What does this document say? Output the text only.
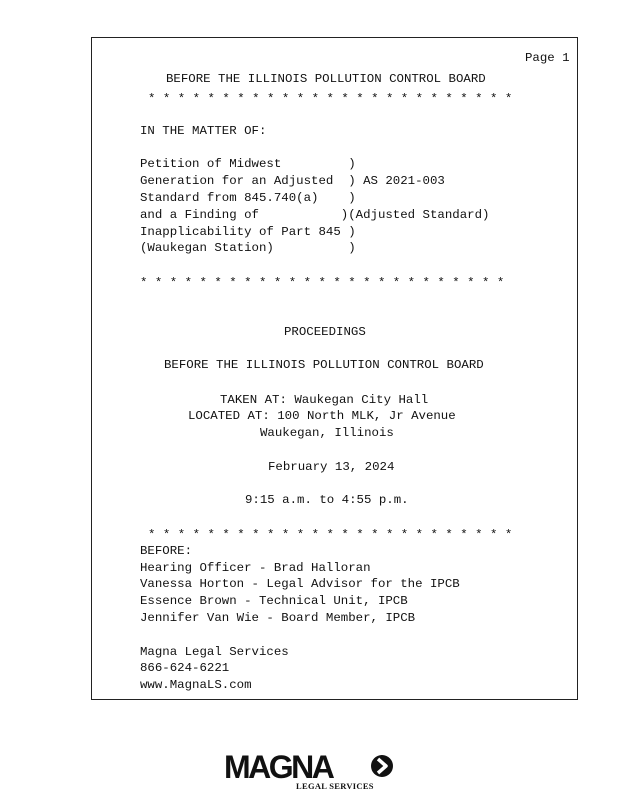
Page 1
BEFORE THE ILLINOIS POLLUTION CONTROL BOARD
* * * * * * * * * * * * * * * * * * * * * * * * *
IN THE MATTER OF:
Petition of Midwest         )
Generation for an Adjusted  ) AS 2021-003
Standard from 845.740(a)    )
and a Finding of           )(Adjusted Standard)
Inapplicability of Part 845 )
(Waukegan Station)          )
* * * * * * * * * * * * * * * * * * * * * * * * *
PROCEEDINGS
BEFORE THE ILLINOIS POLLUTION CONTROL BOARD
TAKEN AT: Waukegan City Hall
LOCATED AT: 100 North MLK, Jr Avenue
Waukegan, Illinois
February 13, 2024
9:15 a.m. to 4:55 p.m.
* * * * * * * * * * * * * * * * * * * * * * * * *
BEFORE:
Hearing Officer - Brad Halloran
Vanessa Horton - Legal Advisor for the IPCB
Essence Brown - Technical Unit, IPCB
Jennifer Van Wie - Board Member, IPCB
Magna Legal Services
866-624-6221
www.MagnaLS.com
MAGNA
LEGAL SERVICES
